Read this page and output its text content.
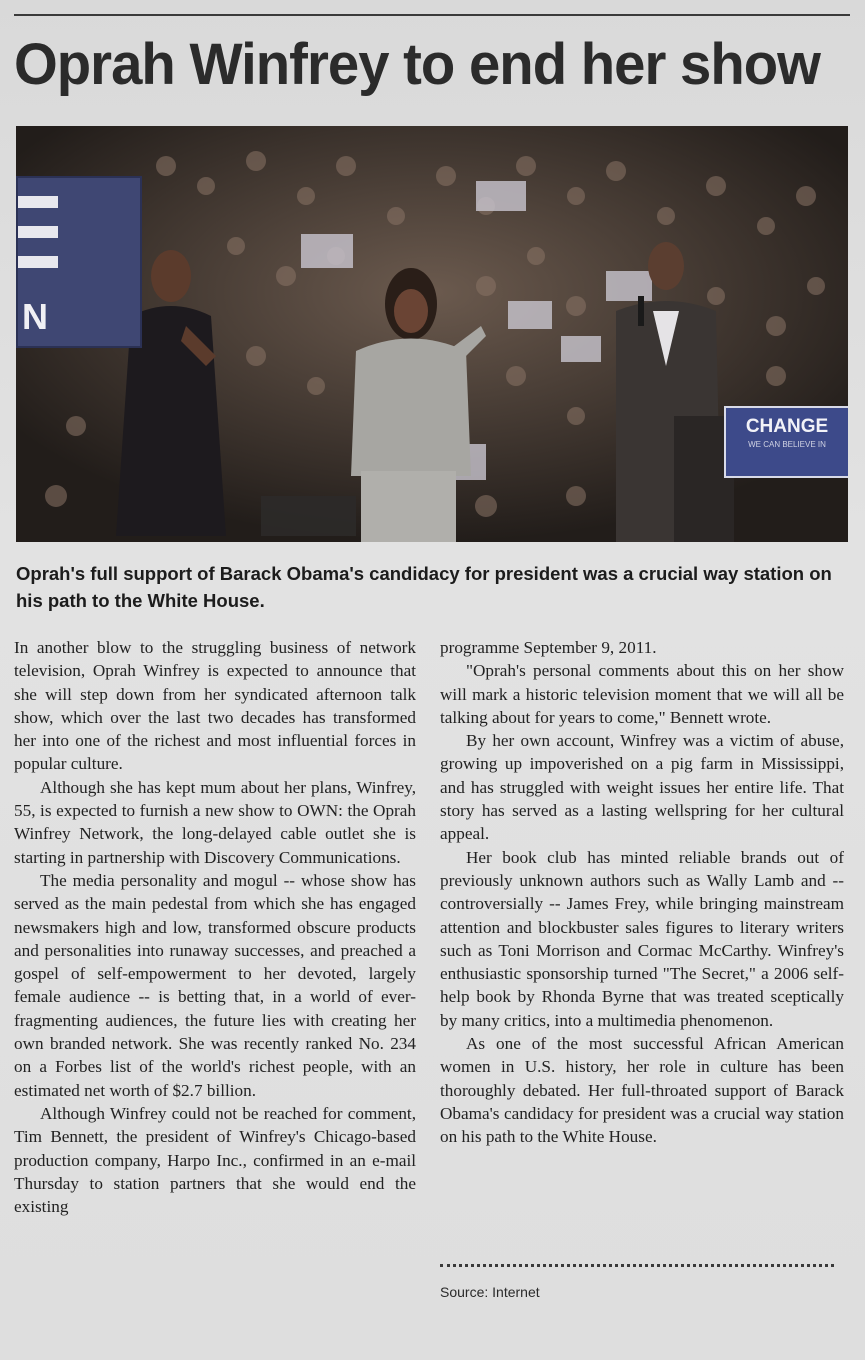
Oprah Winfrey to end her show
N
CHANGE
WE CAN BELIEVE IN
Oprah's full support of Barack Obama's candidacy for president was a crucial way station on his path to the White House.

In another blow to the struggling business of network television, Oprah Winfrey is expected to announce that she will step down from her syndicated afternoon talk show, which over the last two decades has transformed her into one of the richest and most influential forces in popular culture.

Although she has kept mum about her plans, Winfrey, 55, is expected to furnish a new show to OWN: the Oprah Winfrey Network, the long-delayed cable outlet she is starting in partnership with Discovery Communications.

The media personality and mogul -- whose show has served as the main pedestal from which she has engaged newsmakers high and low, transformed obscure products and personalities into runaway successes, and preached a gospel of self-empowerment to her devoted, largely female audience -- is betting that, in a world of ever-fragmenting audiences, the future lies with creating her own branded network. She was recently ranked No. 234 on a Forbes list of the world's richest people, with an estimated net worth of $2.7 billion.

Although Winfrey could not be reached for comment, Tim Bennett, the president of Winfrey's Chicago-based production company, Harpo Inc., confirmed in an e-mail Thursday to station partners that she would end the existing

programme September 9, 2011.

"Oprah's personal comments about this on her show will mark a historic television moment that we will all be talking about for years to come," Bennett wrote.

By her own account, Winfrey was a victim of abuse, growing up impoverished on a pig farm in Mississippi, and has struggled with weight issues her entire life. That story has served as a lasting wellspring for her cultural appeal.

Her book club has minted reliable brands out of previously unknown authors such as Wally Lamb and -- controversially -- James Frey, while bringing mainstream attention and blockbuster sales figures to literary writers such as Toni Morrison and Cormac McCarthy. Winfrey's enthusiastic sponsorship turned "The Secret," a 2006 self-help book by Rhonda Byrne that was treated sceptically by many critics, into a multimedia phenomenon.

As one of the most successful African American women in U.S. history, her role in culture has been thoroughly debated. Her full-throated support of Barack Obama's candidacy for president was a crucial way station on his path to the White House.

Source: Internet
